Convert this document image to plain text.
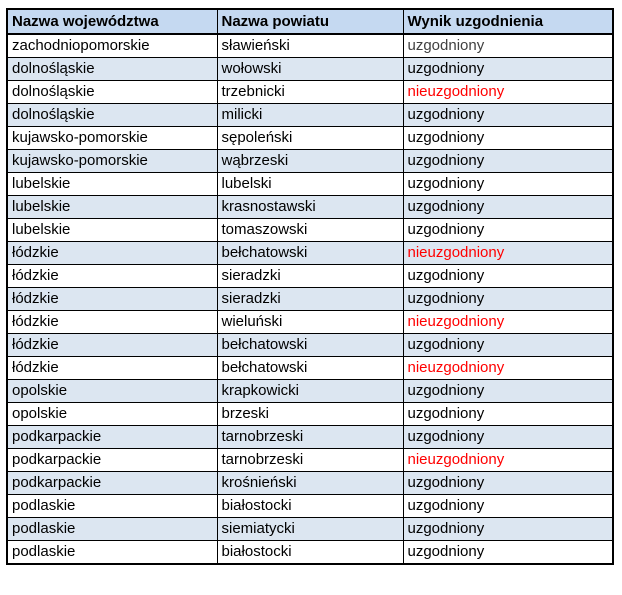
Nazwa województwa	Nazwa powiatu	Wynik uzgodnienia
zachodniopomorskie	sławieński	uzgodniony
dolnośląskie	wołowski	uzgodniony
dolnośląskie	trzebnicki	nieuzgodniony
dolnośląskie	milicki	uzgodniony
kujawsko-pomorskie	sępoleński	uzgodniony
kujawsko-pomorskie	wąbrzeski	uzgodniony
lubelskie	lubelski	uzgodniony
lubelskie	krasnostawski	uzgodniony
lubelskie	tomaszowski	uzgodniony
łódzkie	bełchatowski	nieuzgodniony
łódzkie	sieradzki	uzgodniony
łódzkie	sieradzki	uzgodniony
łódzkie	wieluński	nieuzgodniony
łódzkie	bełchatowski	uzgodniony
łódzkie	bełchatowski	nieuzgodniony
opolskie	krapkowicki	uzgodniony
opolskie	brzeski	uzgodniony
podkarpackie	tarnobrzeski	uzgodniony
podkarpackie	tarnobrzeski	nieuzgodniony
podkarpackie	krośnieński	uzgodniony
podlaskie	białostocki	uzgodniony
podlaskie	siemiatycki	uzgodniony
podlaskie	białostocki	uzgodniony
